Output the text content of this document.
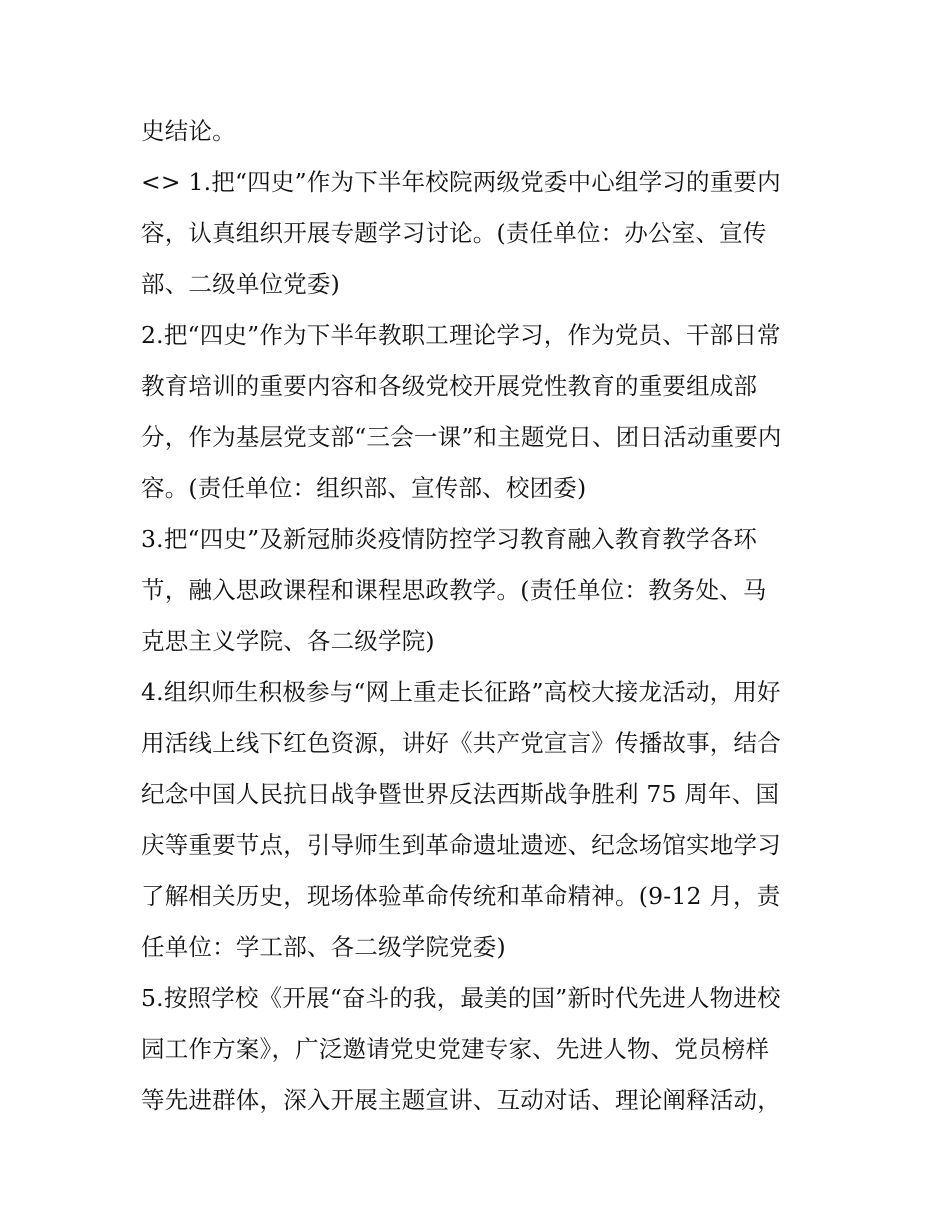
史结论。
<> 1.把“四史”作为下半年校院两级党委中心组学习的重要内
容，认真组织开展专题学习讨论。(责任单位：办公室、宣传
部、二级单位党委)
2.把“四史”作为下半年教职工理论学习，作为党员、干部日常
教育培训的重要内容和各级党校开展党性教育的重要组成部
分，作为基层党支部“三会一课”和主题党日、团日活动重要内
容。(责任单位：组织部、宣传部、校团委)
3.把“四史”及新冠肺炎疫情防控学习教育融入教育教学各环
节，融入思政课程和课程思政教学。(责任单位：教务处、马
克思主义学院、各二级学院)
4.组织师生积极参与“网上重走长征路”高校大接龙活动，用好
用活线上线下红色资源，讲好《共产党宣言》传播故事，结合
纪念中国人民抗日战争暨世界反法西斯战争胜利 75 周年、国
庆等重要节点，引导师生到革命遗址遗迹、纪念场馆实地学习
了解相关历史，现场体验革命传统和革命精神。(9-12 月，责
任单位：学工部、各二级学院党委)
5.按照学校《开展“奋斗的我，最美的国”新时代先进人物进校
园工作方案》，广泛邀请党史党建专家、先进人物、党员榜样
等先进群体，深入开展主题宣讲、互动对话、理论阐释活动，
